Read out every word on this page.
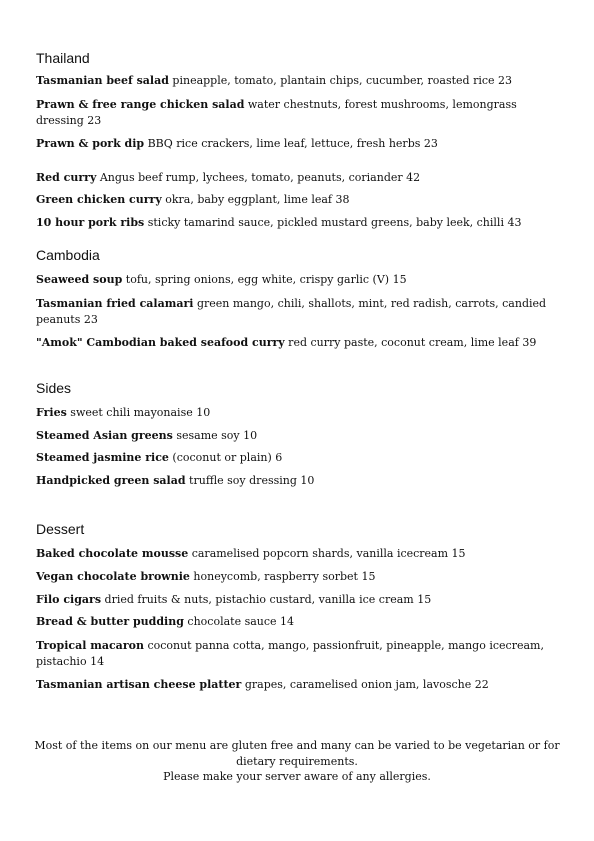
Thailand

Tasmanian beef salad pineapple, tomato, plantain chips, cucumber, roasted rice 23

Prawn & free range chicken salad water chestnuts, forest mushrooms, lemongrass dressing 23

Prawn & pork dip BBQ rice crackers, lime leaf, lettuce, fresh herbs 23

Red curry Angus beef rump, lychees, tomato, peanuts, coriander 42

Green chicken curry okra, baby eggplant, lime leaf 38

10 hour pork ribs sticky tamarind sauce, pickled mustard greens, baby leek, chilli 43

Cambodia

Seaweed soup tofu, spring onions, egg white, crispy garlic (V) 15

Tasmanian fried calamari green mango, chili, shallots, mint, red radish, carrots, candied peanuts 23

"Amok" Cambodian baked seafood curry red curry paste, coconut cream, lime leaf 39

Sides

Fries sweet chili mayonaise 10

Steamed Asian greens sesame soy 10

Steamed jasmine rice (coconut or plain) 6

Handpicked green salad truffle soy dressing 10

Dessert

Baked chocolate mousse caramelised popcorn shards, vanilla icecream 15

Vegan chocolate brownie honeycomb, raspberry sorbet 15

Filo cigars dried fruits & nuts, pistachio custard, vanilla ice cream 15

Bread & butter pudding chocolate sauce 14

Tropical macaron coconut panna cotta, mango, passionfruit, pineapple, mango icecream, pistachio 14

Tasmanian artisan cheese platter grapes, caramelised onion jam, lavosche 22

Most of the items on our menu are gluten free and many can be varied to be vegetarian or for dietary requirements.

Please make your server aware of any allergies.
